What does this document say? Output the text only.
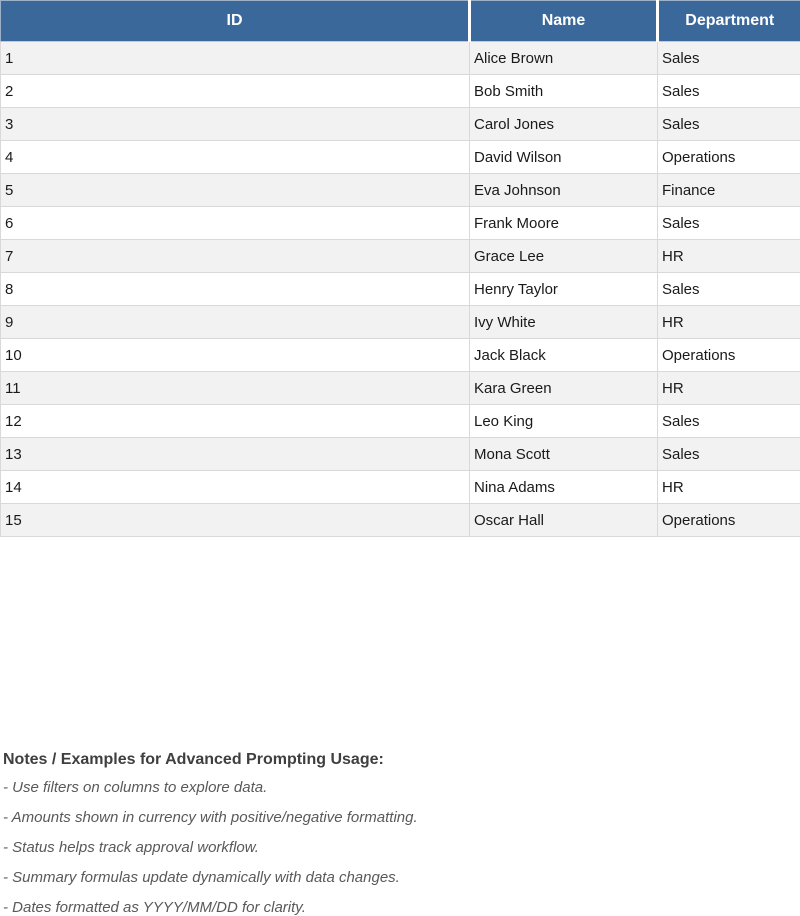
ID	Name	Department
1	Alice Brown	Sales
2	Bob Smith	Sales
3	Carol Jones	Sales
4	David Wilson	Operations
5	Eva Johnson	Finance
6	Frank Moore	Sales
7	Grace Lee	HR
8	Henry Taylor	Sales
9	Ivy White	HR
10	Jack Black	Operations
11	Kara Green	HR
12	Leo King	Sales
13	Mona Scott	Sales
14	Nina Adams	HR
15	Oscar Hall	Operations

Notes / Examples for Advanced Prompting Usage:

- Use filters on columns to explore data.

- Amounts shown in currency with positive/negative formatting.

- Status helps track approval workflow.

- Summary formulas update dynamically with data changes.

- Dates formatted as YYYY/MM/DD for clarity.
